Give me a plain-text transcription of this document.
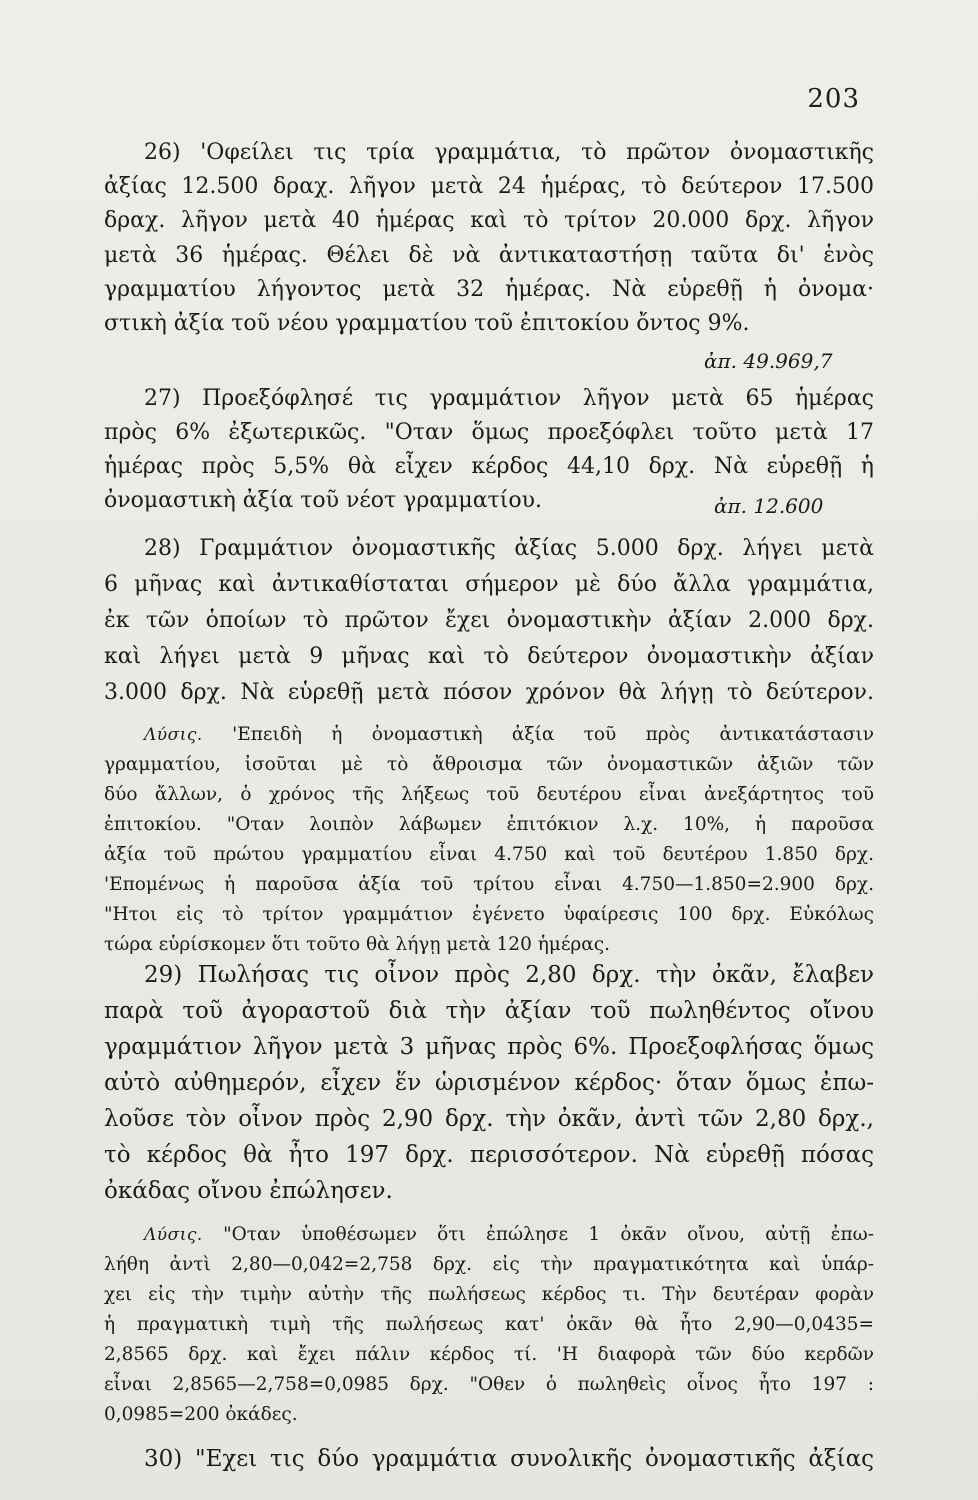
203
26) 'Οφείλει τις τρία γραμμάτια, τὸ πρῶτον ὀνομαστικῆς
ἀξίας 12.500 δραχ. λῆγον μετὰ 24 ἡμέρας, τὸ δεύτερον 17.500
δραχ. λῆγον μετὰ 40 ἡμέρας καὶ τὸ τρίτον 20.000 δρχ. λῆγον
μετὰ 36 ἡμέρας. Θέλει δὲ νὰ ἀντικαταστήσῃ ταῦτα δι' ἑνὸς
γραμματίου λήγοντος μετὰ 32 ἡμέρας. Νὰ εὑρεθῇ ἡ ὀνομα·
στικὴ ἀξία τοῦ νέου γραμματίου τοῦ ἐπιτοκίου ὄντος 9%.
ἀπ. 49.969,7
27) Προεξόφλησέ τις γραμμάτιον λῆγον μετὰ 65 ἡμέρας
πρὸς 6% ἐξωτερικῶς. "Οταν ὅμως προεξόφλει τοῦτο μετὰ 17
ἡμέρας πρὸς 5,5% θὰ εἶχεν κέρδος 44,10 δρχ. Νὰ εὑρεθῇ ἡ
ὀνομαστικὴ ἀξία τοῦ νέοτ γραμματίου.	ἀπ. 12.600
28) Γραμμάτιον ὀνομαστικῆς ἀξίας 5.000 δρχ. λήγει μετὰ
6 μῆνας καὶ ἀντικαθίσταται σήμερον μὲ δύο ἄλλα γραμμάτια,
ἐκ τῶν ὁποίων τὸ πρῶτον ἔχει ὀνομαστικὴν ἀξίαν 2.000 δρχ.
καὶ λήγει μετὰ 9 μῆνας καὶ τὸ δεύτερον ὀνομαστικὴν ἀξίαν
3.000 δρχ. Νὰ εὑρεθῇ μετὰ πόσον χρόνον θὰ λήγῃ τὸ δεύτερον.
Λύσις. 'Επειδὴ ἡ ὀνομαστικὴ ἀξία τοῦ πρὸς ἀντικατάστασιν
γραμματίου, ἰσοῦται μὲ τὸ ἄθροισμα τῶν ὀνομαστικῶν ἀξιῶν τῶν
δύο ἄλλων, ὁ χρόνος τῆς λήξεως τοῦ δευτέρου εἶναι ἀνεξάρτητος τοῦ
ἐπιτοκίου. "Οταν λοιπὸν λάβωμεν ἐπιτόκιον λ.χ. 10%, ἡ παροῦσα
ἀξία τοῦ πρώτου γραμματίου εἶναι 4.750 καὶ τοῦ δευτέρου 1.850 δρχ.
'Επομένως ἡ παροῦσα ἀξία τοῦ τρίτου εἶναι 4.750—1.850=2.900 δρχ.
"Ητοι εἰς τὸ τρίτον γραμμάτιον ἐγένετο ὑφαίρεσις 100 δρχ. Εὐκόλως
τώρα εὑρίσκομεν ὅτι τοῦτο θὰ λήγῃ μετὰ 120 ἡμέρας.
29) Πωλήσας τις οἶνον πρὸς 2,80 δρχ. τὴν ὀκᾶν, ἔλαβεν
παρὰ τοῦ ἀγοραστοῦ διὰ τὴν ἀξίαν τοῦ πωληθέντος οἴνου
γραμμάτιον λῆγον μετὰ 3 μῆνας πρὸς 6%. Προεξοφλήσας ὅμως
αὐτὸ αὐθημερόν, εἶχεν ἕν ὡρισμένον κέρδος· ὅταν ὅμως ἐπω-
λοῦσε τὸν οἶνον πρὸς 2,90 δρχ. τὴν ὀκᾶν, ἀντὶ τῶν 2,80 δρχ.,
τὸ κέρδος θὰ ἦτο 197 δρχ. περισσότερον. Νὰ εὑρεθῇ πόσας
ὀκάδας οἴνου ἐπώλησεν.
Λύσις. "Οταν ὑποθέσωμεν ὅτι ἐπώλησε 1 ὀκᾶν οἴνου, αὐτῇ ἐπω-
λήθη ἀντὶ 2,80—0,042=2,758 δρχ. εἰς τὴν πραγματικότητα καὶ ὑπάρ-
χει εἰς τὴν τιμὴν αὐτὴν τῆς πωλήσεως κέρδος τι. Τὴν δευτέραν φορὰν
ἡ πραγματικὴ τιμὴ τῆς πωλήσεως κατ' ὀκᾶν θὰ ἦτο 2,90—0,0435=
2,8565 δρχ. καὶ ἔχει πάλιν κέρδος τί. 'Η διαφορὰ τῶν δύο κερδῶν
εἶναι 2,8565—2,758=0,0985 δρχ. "Οθεν ὁ πωληθεὶς οἶνος ἦτο 197 :
0,0985=200 ὀκάδες.
30) "Εχει τις δύο γραμμάτια συνολικῆς ὀνομαστικῆς ἀξίας
